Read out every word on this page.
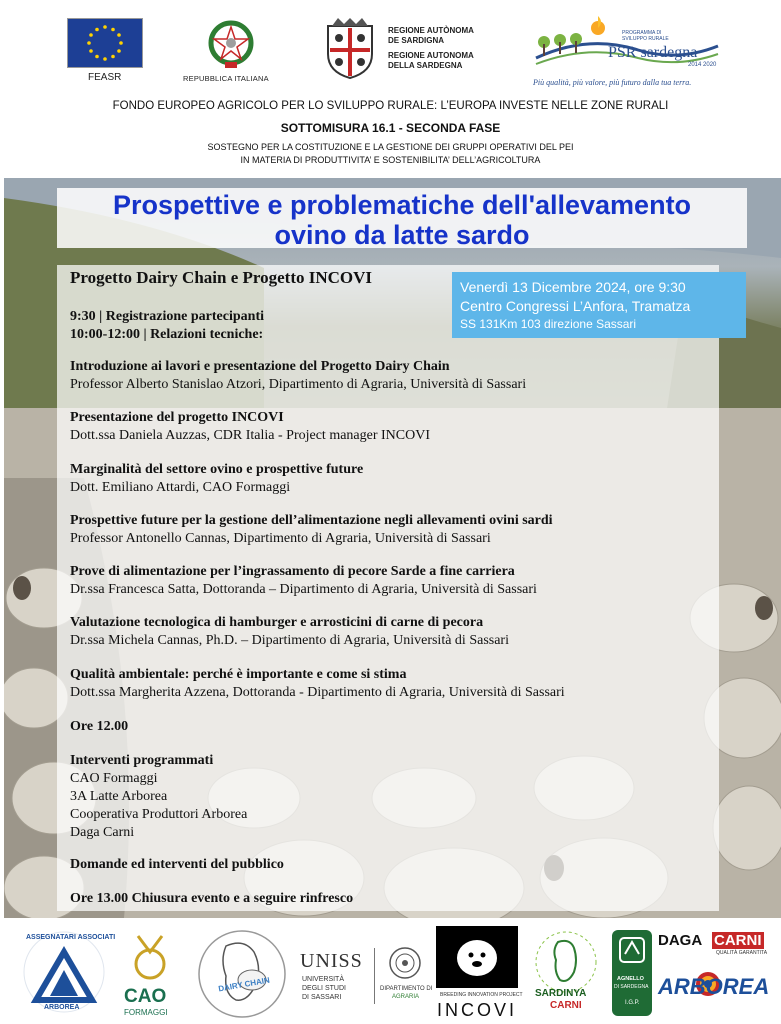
FEASR	REPUBBLICA ITALIANA
REGIONE AUTÒNOMA
DE SARDIGNA
REGIONE AUTONOMA
DELLA SARDEGNA
PROGRAMMA DI SVILUPPO RURALE
PSR sardegna
2014 2020
Più qualità, più valore, più futuro dalla tua terra.
FONDO EUROPEO AGRICOLO PER LO SVILUPPO RURALE: L’EUROPA INVESTE NELLE ZONE RURALI
SOTTOMISURA 16.1 - SECONDA FASE
SOSTEGNO PER LA COSTITUZIONE E LA GESTIONE DEI GRUPPI OPERATIVI DEL PEI
IN MATERIA DI PRODUTTIVITA’ E SOSTENIBILITA’ DELL’AGRICOLTURA
Prospettive e problematiche dell'allevamento
ovino da latte sardo
Progetto Dairy Chain e Progetto INCOVI	Venerdì 13 Dicembre 2024, ore 9:30
Centro Congressi L’Anfora, Tramatza
SS 131Km 103 direzione Sassari
9:30 | Registrazione partecipanti
10:00-12:00 | Relazioni tecniche:
Introduzione ai lavori e presentazione del Progetto Dairy Chain
Professor Alberto Stanislao Atzori, Dipartimento di Agraria, Università di Sassari
Presentazione del progetto INCOVI
Dott.ssa Daniela Auzzas, CDR Italia - Project manager INCOVI
Marginalità del settore ovino e prospettive future
Dott. Emiliano Attardi, CAO Formaggi
Prospettive future per la gestione dell’alimentazione negli allevamenti ovini sardi
Professor Antonello Cannas, Dipartimento di Agraria, Università di Sassari
Prove di alimentazione per l’ingrassamento di pecore Sarde a fine carriera
Dr.ssa Francesca Satta, Dottoranda – Dipartimento di Agraria, Università di Sassari
Valutazione tecnologica di hamburger e arrosticini di carne di pecora
Dr.ssa Michela Cannas, Ph.D. – Dipartimento di Agraria, Università di Sassari
Qualità ambientale: perché è importante e come si stima
Dott.ssa Margherita Azzena, Dottoranda - Dipartimento di Agraria, Università di Sassari
Ore 12.00
Interventi programmati
CAO Formaggi
3A Latte Arborea
Cooperativa Produttori Arborea
Daga Carni
Domande ed interventi del pubblico
Ore 13.00 Chiusura evento e a seguire rinfresco
ASSEGNATARI ASSOCIATI
ARBOREA
CAO
FORMAGGI
DAIRY CHAIN
UNISS
UNIVERSITÀ
DEGLI STUDI
DI SASSARI
DIPARTIMENTO DI
AGRARIA	BREEDING INNOVATION PROJECT
INCOVI
SARDINYA
CARNI
AGNELLO
DI SARDEGNA
I.G.P.
DAGA CARNI
QUALITÀ GARANTITA
ARBOREA
